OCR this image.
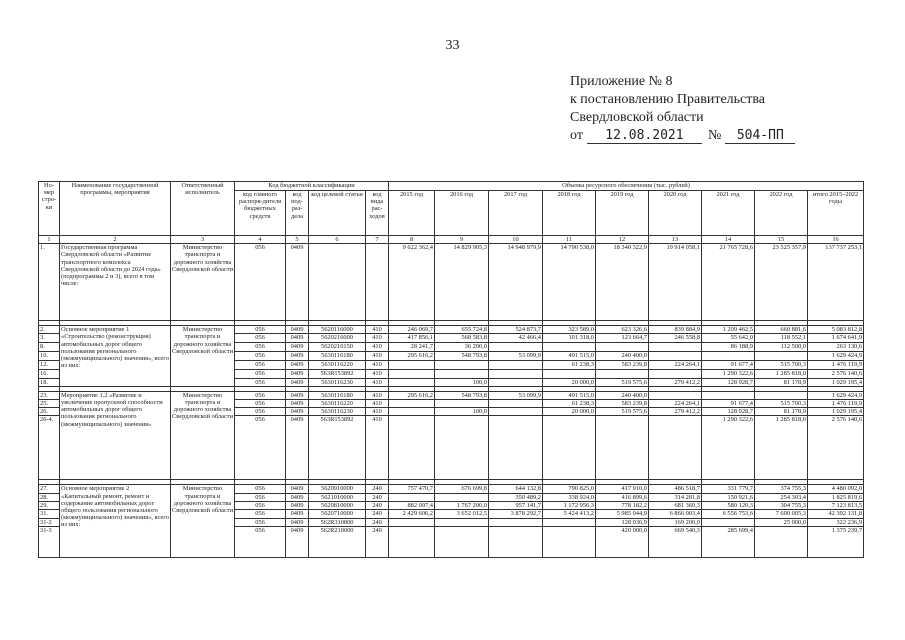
33
Приложение № 8
к постановлению Правительства
Свердловской области
от 12.08.2021 № 504-ПП
Но-мер стро-ки	Наименование государственной программы, мероприятия	Ответственный исполнитель	Код бюджетной классификации				Объемы ресурсного обеспечения (тыс. рублей)								
			код главного распоря-дителя бюджетных средств	код под-раз-дела	код целевой статьи	код вида рас-ходов	2015 год	2016 год	2017 год	2018 год	2019 год	2020 год	2021 год	2022 год	итого 2015–2022 годы
1	2	3	4	5	6	7	8	9	10	11	12	13	14	15	16
1.	Государственная программа Свердловской области «Развитие транспортного комплекса Свердловской области до 2024 года» (подпрограммы 2 и 3), всего в том числе:	Министерство транспорта и дорожного хозяйства Свердловской области	056	0409			9 622 362,4	14 829 905,3	14 948 979,9	14 790 538,0	18 340 322,9	19 914 058,1	21 765 728,6	23 525 357,9	137 737 253,1

2.	Основное мероприятие 1 «Строительство (реконструкция) автомобильных дорог общего пользования регионального (межмуниципального) значения», всего из них:	Министерство транспорта и дорожного хозяйства Свердловской области	056	0409	5620116000	410	246 069,7	655 724,8	524 873,7	323 589,0	623 326,6	839 884,9	1 209 462,5	660 881,6	5 083 812,8
3.			056	0409	5620216000	410	417 856,1	568 583,8	42 466,4	101 318,0	123 664,7	246 558,8	55 642,0	118 552,1	1 674 641,9
8.			056	0409	5620216150	410	28 241,7	36 200,0					86 188,9	112 500,0	263 130,6
10.			056	0409	5630116180	410	295 616,2	548 793,8	53 099,9	491 515,0	240 400,0				1 629 424,9
12.			056	0409	5630116220	410				61 238,3	583 239,8	224 264,1	91 677,4	515 700,3	1 476 119,9
16.			056	0409	563R153892	410							1 290 322,6	1 285 818,0	2 576 140,6
18.			056	0409	5630116230	410		100,0		20 000,0	519 575,6	279 412,2	128 928,7	81 178,9	1 029 195,4

23.	Мероприятие 1.2 «Развитие и увеличение пропускной способности автомобильных дорог общего пользования регионального (межмуниципального) значения»	Министерство транспорта и дорожного хозяйства Свердловской области	056	0409	5630116180	410	295 616,2	548 793,8	53 099,9	491 515,0	240 400,0				1 629 424,9
25.			056	0409	5630116220	410				61 238,3	583 239,8	224 264,1	91 677,4	515 700,3	1 476 119,9
26.			056	0409	5630116230	410		100,0		20 000,0	519 575,6	279 412,2	128 928,7	81 178,9	1 029 195,4
26-4.			056	0409	563R153892	410							1 290 322,6	1 285 818,0	2 576 140,6

27.	Основное мероприятие 2 «Капитальный ремонт, ремонт и содержание автомобильных дорог общего пользования регионального (межмуниципального) значения», всего из них:	Министерство транспорта и дорожного хозяйства Свердловской области	056	0409	5620910000	240	757 470,7	676 699,8	644 132,8	790 825,0	417 910,0	486 518,7	331 779,7	374 755,3	4 480 092,0
28.			056	0409	5621010000	240			350 489,2	338 924,0	416 899,6	314 281,8	150 921,6	254 303,4	1 825 819,6
29.			056	0409	5620810000	240	882 097,4	1 767 200,0	957 141,7	1 172 956,3	778 182,2	681 360,3	580 120,3	304 755,3	7 123 813,5
31.			056	0409	5620710000	240	2 429 606,2	3 652 012,5	3 878 292,7	5 424 413,2	5 985 044,9	6 866 003,4	6 556 753,6	7 600 005,3	42 392 131,8
31-2			056	0409	562R310800	240					128 036,9	169 200,0		25 000,0	322 236,9
31-3			056	0409	562R210000	240					420 000,0	669 540,3	285 699,4		1 375 239,7
